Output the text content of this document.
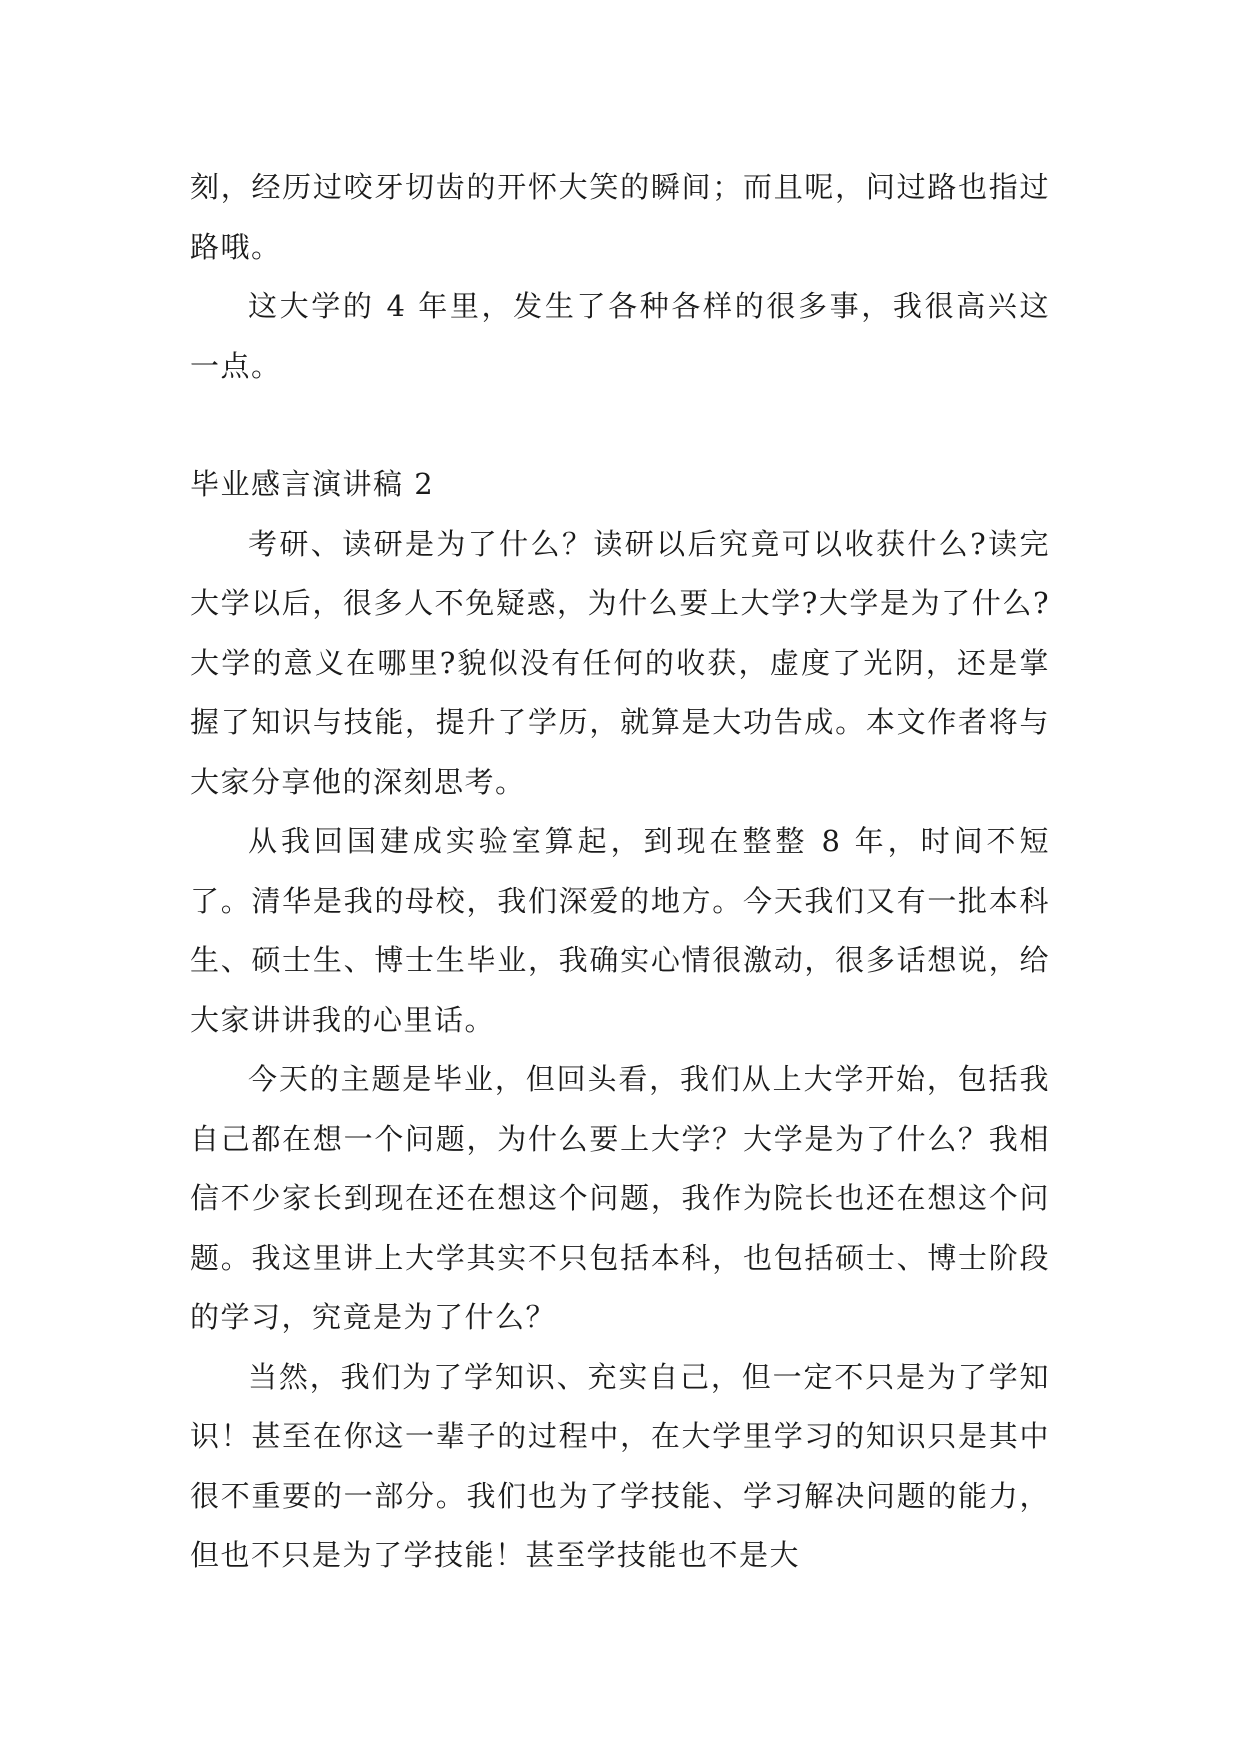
刻，经历过咬牙切齿的开怀大笑的瞬间；而且呢，问过路也指过路哦。

这大学的 4 年里，发生了各种各样的很多事，我很高兴这一点。

毕业感言演讲稿 2

考研、读研是为了什么？读研以后究竟可以收获什么?读完大学以后，很多人不免疑惑，为什么要上大学?大学是为了什么?大学的意义在哪里?貌似没有任何的收获，虚度了光阴，还是掌握了知识与技能，提升了学历，就算是大功告成。本文作者将与大家分享他的深刻思考。

从我回国建成实验室算起，到现在整整 8 年，时间不短了。清华是我的母校，我们深爱的地方。今天我们又有一批本科生、硕士生、博士生毕业，我确实心情很激动，很多话想说，给大家讲讲我的心里话。

今天的主题是毕业，但回头看，我们从上大学开始，包括我自己都在想一个问题，为什么要上大学？大学是为了什么？我相信不少家长到现在还在想这个问题，我作为院长也还在想这个问题。我这里讲上大学其实不只包括本科，也包括硕士、博士阶段的学习，究竟是为了什么？

当然，我们为了学知识、充实自己，但一定不只是为了学知识！甚至在你这一辈子的过程中，在大学里学习的知识只是其中很不重要的一部分。我们也为了学技能、学习解决问题的能力，但也不只是为了学技能！甚至学技能也不是大
